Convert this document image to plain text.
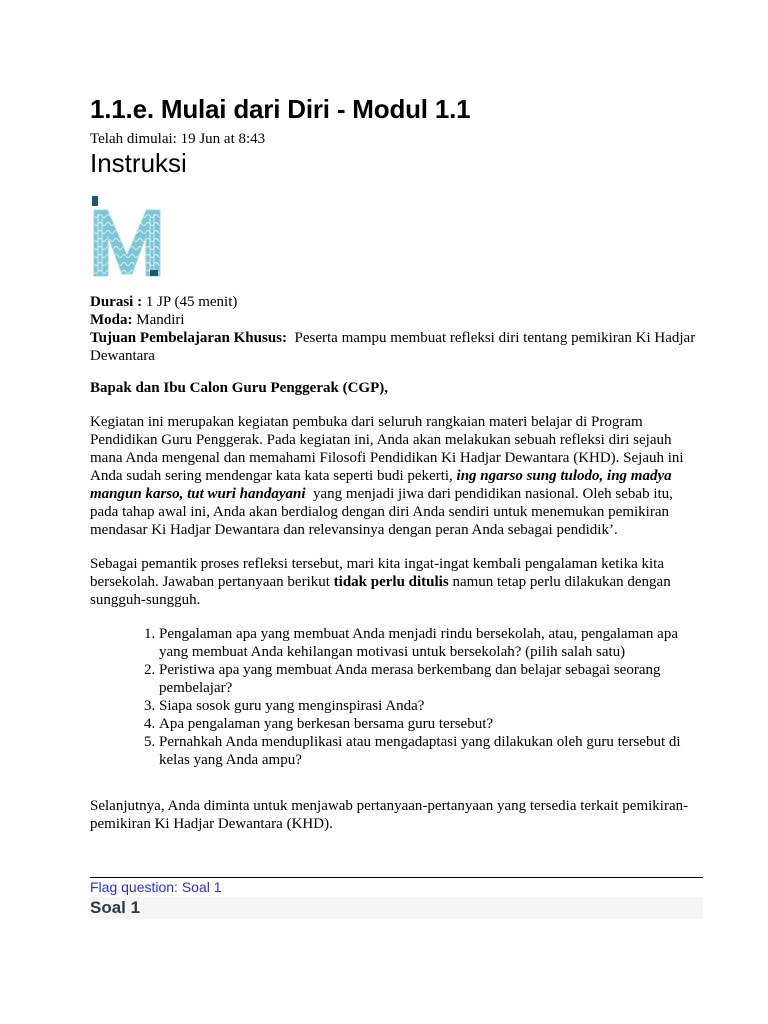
1.1.e. Mulai dari Diri - Modul 1.1
Telah dimulai: 19 Jun at 8:43
Instruksi
Durasi : 1 JP (45 menit)
Moda: Mandiri
Tujuan Pembelajaran Khusus:  Peserta mampu membuat refleksi diri tentang pemikiran Ki Hadjar Dewantara
Bapak dan Ibu Calon Guru Penggerak (CGP),

Kegiatan ini merupakan kegiatan pembuka dari seluruh rangkaian materi belajar di Program Pendidikan Guru Penggerak. Pada kegiatan ini, Anda akan melakukan sebuah refleksi diri sejauh mana Anda mengenal dan memahami Filosofi Pendidikan Ki Hadjar Dewantara (KHD). Sejauh ini Anda sudah sering mendengar kata kata seperti budi pekerti, ing ngarso sung tulodo, ing madya mangun karso, tut wuri handayani  yang menjadi jiwa dari pendidikan nasional. Oleh sebab itu, pada tahap awal ini, Anda akan berdialog dengan diri Anda sendiri untuk menemukan pemikiran mendasar Ki Hadjar Dewantara dan relevansinya dengan peran Anda sebagai pendidik’.

Sebagai pemantik proses refleksi tersebut, mari kita ingat-ingat kembali pengalaman ketika kita bersekolah. Jawaban pertanyaan berikut tidak perlu ditulis namun tetap perlu dilakukan dengan sungguh-sungguh.

1. Pengalaman apa yang membuat Anda menjadi rindu bersekolah, atau, pengalaman apa yang membuat Anda kehilangan motivasi untuk bersekolah? (pilih salah satu)
2. Peristiwa apa yang membuat Anda merasa berkembang dan belajar sebagai seorang pembelajar?
3. Siapa sosok guru yang menginspirasi Anda?
4. Apa pengalaman yang berkesan bersama guru tersebut?
5. Pernahkah Anda menduplikasi atau mengadaptasi yang dilakukan oleh guru tersebut di kelas yang Anda ampu?

Selanjutnya, Anda diminta untuk menjawab pertanyaan-pertanyaan yang tersedia terkait pemikiran-pemikiran Ki Hadjar Dewantara (KHD).

Flag question: Soal 1
Soal 1
